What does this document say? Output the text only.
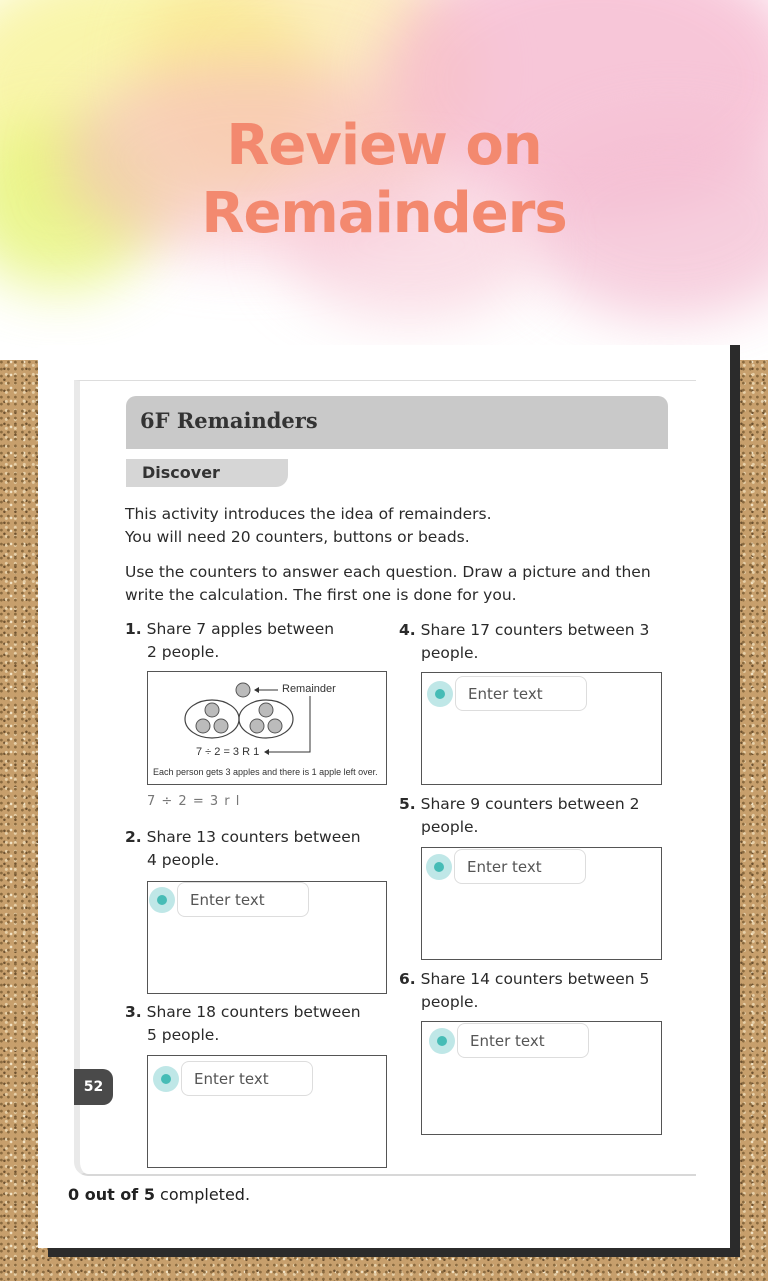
Review on
Remainders
6F Remainders
Discover
This activity introduces the idea of remainders.
You will need 20 counters, buttons or beads.
Use the counters to answer each question. Draw a picture and then
write the calculation. The first one is done for you.
1. Share 7 apples between
2 people.
Remainder
7 ÷ 2 = 3 R 1
Each person gets 3 apples and there is 1 apple left over.
7 ÷ 2 = 3 r l
2. Share 13 counters between
4 people.
Enter text
3. Share 18 counters between
5 people.
Enter text
4. Share 17 counters between 3
people.
Enter text
5. Share 9 counters between 2
people.
Enter text
6. Share 14 counters between 5
people.
Enter text
52
0 out of 5 completed.
